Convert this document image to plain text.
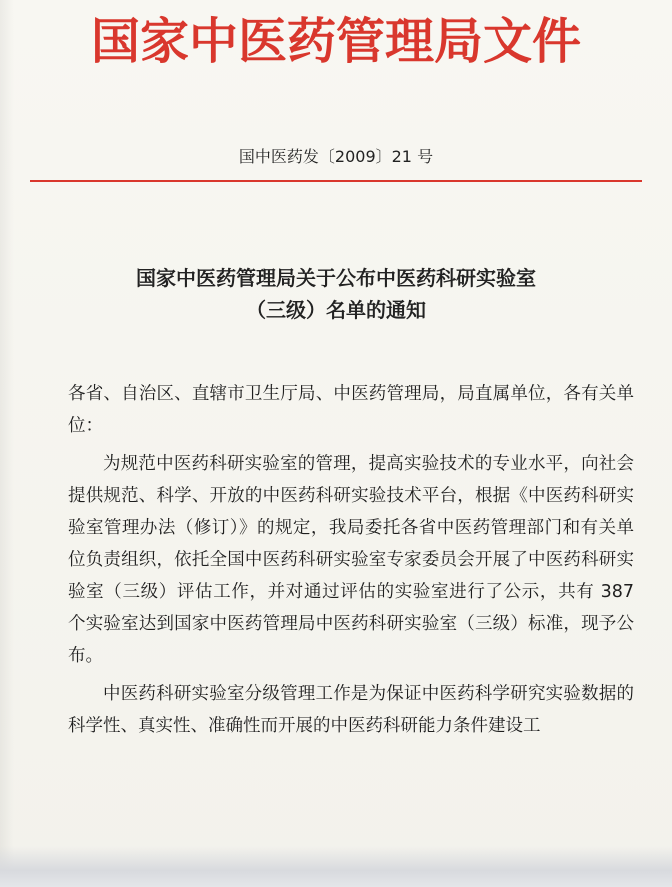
国家中医药管理局文件
国中医药发〔2009〕21 号
国家中医药管理局关于公布中医药科研实验室
（三级）名单的通知

各省、自治区、直辖市卫生厅局、中医药管理局，局直属单位，各有关单位：

为规范中医药科研实验室的管理，提高实验技术的专业水平，向社会提供规范、科学、开放的中医药科研实验技术平台，根据《中医药科研实验室管理办法（修订）》的规定，我局委托各省中医药管理部门和有关单位负责组织，依托全国中医药科研实验室专家委员会开展了中医药科研实验室（三级）评估工作，并对通过评估的实验室进行了公示，共有 387 个实验室达到国家中医药管理局中医药科研实验室（三级）标准，现予公布。

中医药科研实验室分级管理工作是为保证中医药科学研究实验数据的科学性、真实性、准确性而开展的中医药科研能力条件建设工
